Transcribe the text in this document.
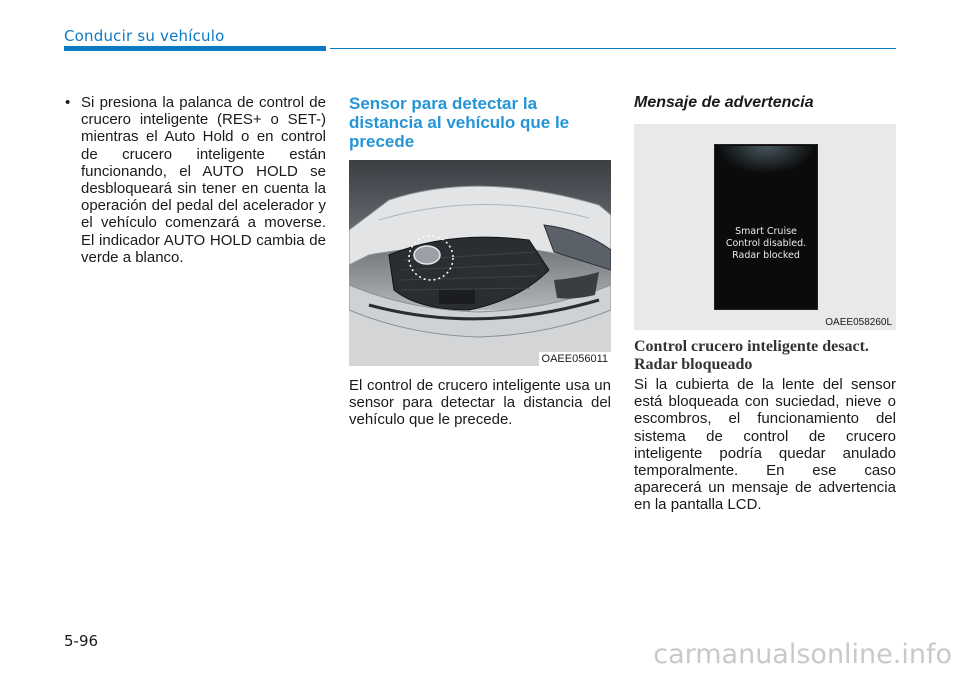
Conducir su vehículo
• Si presiona la palanca de control de crucero inteligente (RES+ o SET-) mientras el Auto Hold o en control de crucero inteligente están funcionando, el AUTO HOLD se desbloqueará sin tener en cuenta la operación del pedal del acelerador y el vehículo comenzará a moverse. El indicador AUTO HOLD cambia de verde a blanco.
Sensor para detectar la distancia al vehículo que le precede
OAEE056011
El control de crucero inteligente usa un sensor para detectar la distancia del vehículo que le precede.
Mensaje de advertencia
Smart Cruise
Control disabled.
Radar blocked
OAEE058260L
Control crucero inteligente desact. Radar bloqueado
Si la cubierta de la lente del sensor está bloqueada con suciedad, nieve o escombros, el funcionamiento del sistema de control de crucero inteligente podría quedar anulado temporalmente. En ese caso aparecerá un mensaje de advertencia en la pantalla LCD.
5-96	carmanualsonline.info
